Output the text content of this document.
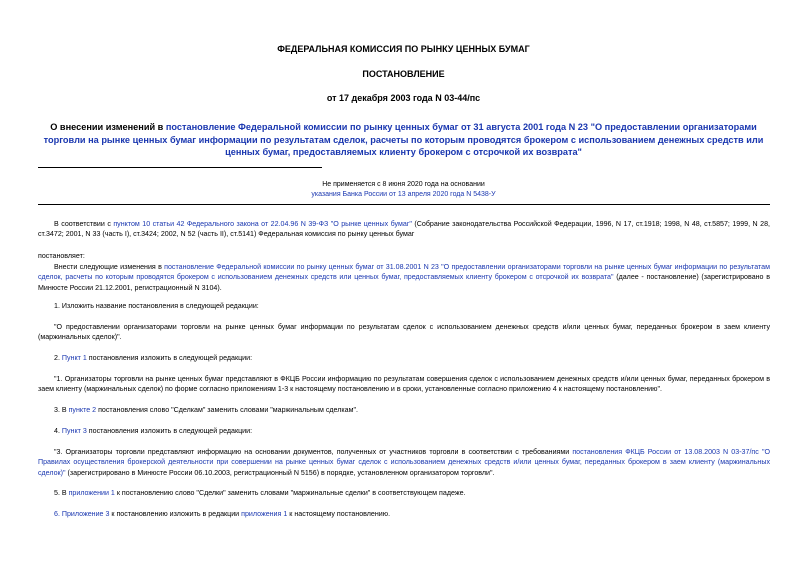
ФЕДЕРАЛЬНАЯ КОМИССИЯ ПО РЫНКУ ЦЕННЫХ БУМАГ
ПОСТАНОВЛЕНИЕ
от 17 декабря 2003 года N 03-44/пс
О внесении изменений в постановление Федеральной комиссии по рынку ценных бумаг от 31 августа 2001 года N 23 "О предоставлении организаторами торговли на рынке ценных бумаг информации по результатам сделок, расчеты по которым проводятся брокером с использованием денежных средств или ценных бумаг, предоставляемых клиенту брокером с отсрочкой их возврата"
Не применяется с 8 июня 2020 года на основании
указания Банка России от 13 апреля 2020 года N 5438-У

В соответствии с пунктом 10 статьи 42 Федерального закона от 22.04.96 N 39-ФЗ "О рынке ценных бумаг" (Собрание законодательства Российской Федерации, 1996, N 17, ст.1918; 1998, N 48, ст.5857; 1999, N 28, ст.3472; 2001, N 33 (часть I), ст.3424; 2002, N 52 (часть II), ст.5141) Федеральная комиссия по рынку ценных бумаг

постановляет:

Внести следующие изменения в постановление Федеральной комиссии по рынку ценных бумаг от 31.08.2001 N 23 "О предоставлении организаторами торговли на рынке ценных бумаг информации по результатам сделок, расчеты по которым проводятся брокером с использованием денежных средств или ценных бумаг, предоставляемых клиенту брокером с отсрочкой их возврата" (далее - постановление) (зарегистрировано в Минюсте России 21.12.2001, регистрационный N 3104).

1. Изложить название постановления в следующей редакции:

"О предоставлении организаторами торговли на рынке ценных бумаг информации по результатам сделок с использованием денежных средств и/или ценных бумаг, переданных брокером в заем клиенту (маржинальных сделок)".

2. Пункт 1 постановления изложить в следующей редакции:

"1. Организаторы торговли на рынке ценных бумаг представляют в ФКЦБ России информацию по результатам совершения сделок с использованием денежных средств и/или ценных бумаг, переданных брокером в заем клиенту (маржинальных сделок) по форме согласно приложениям 1-3 к настоящему постановлению и в сроки, установленные согласно приложению 4 к настоящему постановлению".

3. В пункте 2 постановления слово "Сделкам" заменить словами "маржинальным сделкам".

4. Пункт 3 постановления изложить в следующей редакции:

"3. Организаторы торговли представляют информацию на основании документов, полученных от участников торговли в соответствии с требованиями постановления ФКЦБ России от 13.08.2003 N 03-37/пс "О Правилах осуществления брокерской деятельности при совершении на рынке ценных бумаг сделок с использованием денежных средств и/или ценных бумаг, переданных брокером в заем клиенту (маржинальных сделок)" (зарегистрировано в Минюсте России 06.10.2003, регистрационный N 5156) в порядке, установленном организатором торговли".

5. В приложении 1 к постановлению слово "Сделки" заменить словами "маржинальные сделки" в соответствующем падеже.

6. Приложение 3 к постановлению изложить в редакции приложения 1 к настоящему постановлению.
